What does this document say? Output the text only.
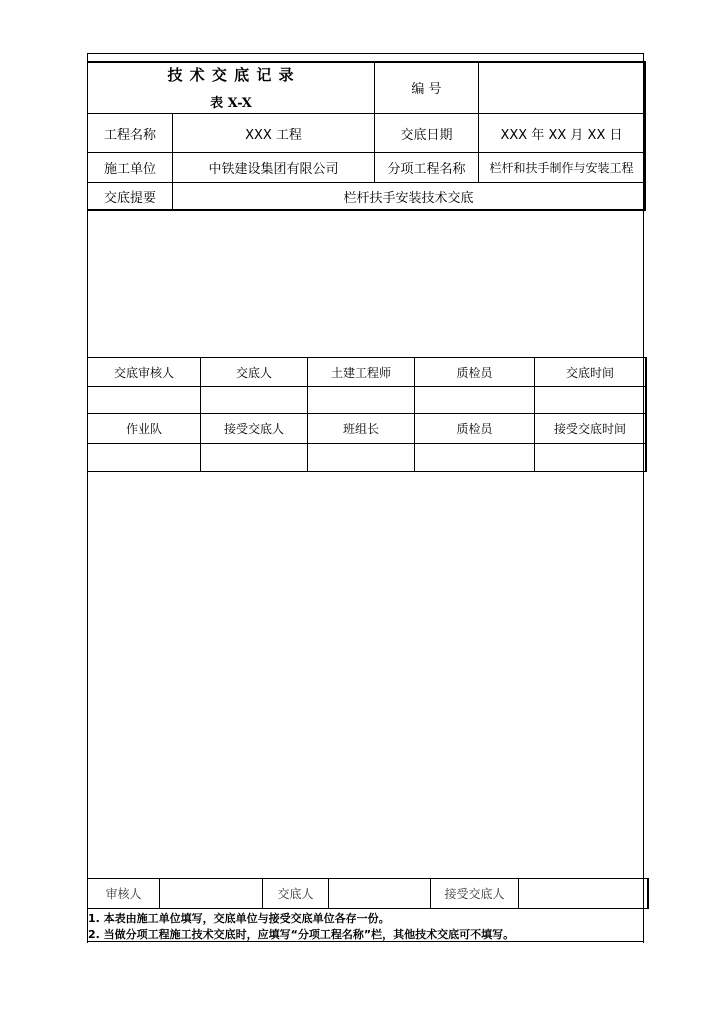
技 术 交 底 记 录
表 X-X
编 号
工程名称	XXX 工程	交底日期	XXX 年 XX 月 XX 日
施工单位	中铁建设集团有限公司	分项工程名称	栏杆和扶手制作与安装工程
交底提要	栏杆扶手安装技术交底
交底审核人	交底人	土建工程师	质检员	交底时间
作业队	接受交底人	班组长	质检员	接受交底时间
审核人	交底人	接受交底人
1. 本表由施工单位填写，交底单位与接受交底单位各存一份。
2. 当做分项工程施工技术交底时，应填写“分项工程名称”栏，其他技术交底可不填写。
